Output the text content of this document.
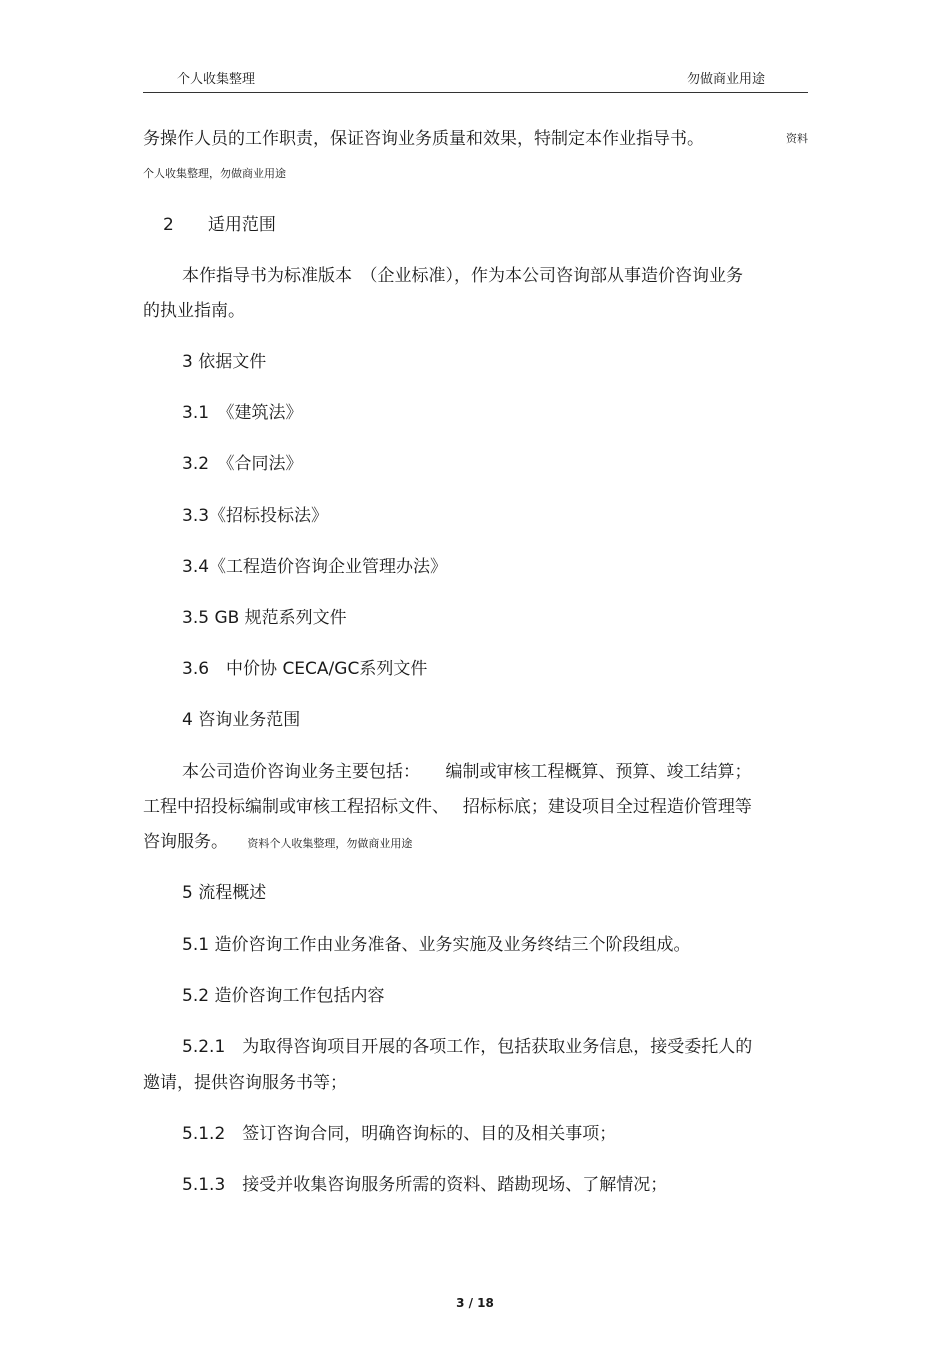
个人收集整理	勿做商业用途
务操作人员的工作职责，保证咨询业务质量和效果，特制定本作业指导书。	资料
个人收集整理，勿做商业用途
2　　适用范围
本作指导书为标准版本　（企业标准），作为本公司咨询部从事造价咨询业务
的执业指南。
3 依据文件
3.1　《建筑法》
3.2　《合同法》
3.3《招标投标法》
3.4《工程造价咨询企业管理办法》
3.5 GB 规范系列文件
3.6　中价协 CECA/GC系列文件
4 咨询业务范围
本公司造价咨询业务主要包括：　　编制或审核工程概算、预算、竣工结算；
工程中招投标编制或审核工程招标文件、　 招标标底；建设项目全过程造价管理等
咨询服务。 资料个人收集整理，勿做商业用途
5 流程概述
5.1 造价咨询工作由业务准备、业务实施及业务终结三个阶段组成。
5.2 造价咨询工作包括内容
5.2.1　为取得咨询项目开展的各项工作，包括获取业务信息，接受委托人的
邀请，提供咨询服务书等；
5.1.2　签订咨询合同，明确咨询标的、目的及相关事项；
5.1.3　接受并收集咨询服务所需的资料、踏勘现场、了解情况；
3 / 18
